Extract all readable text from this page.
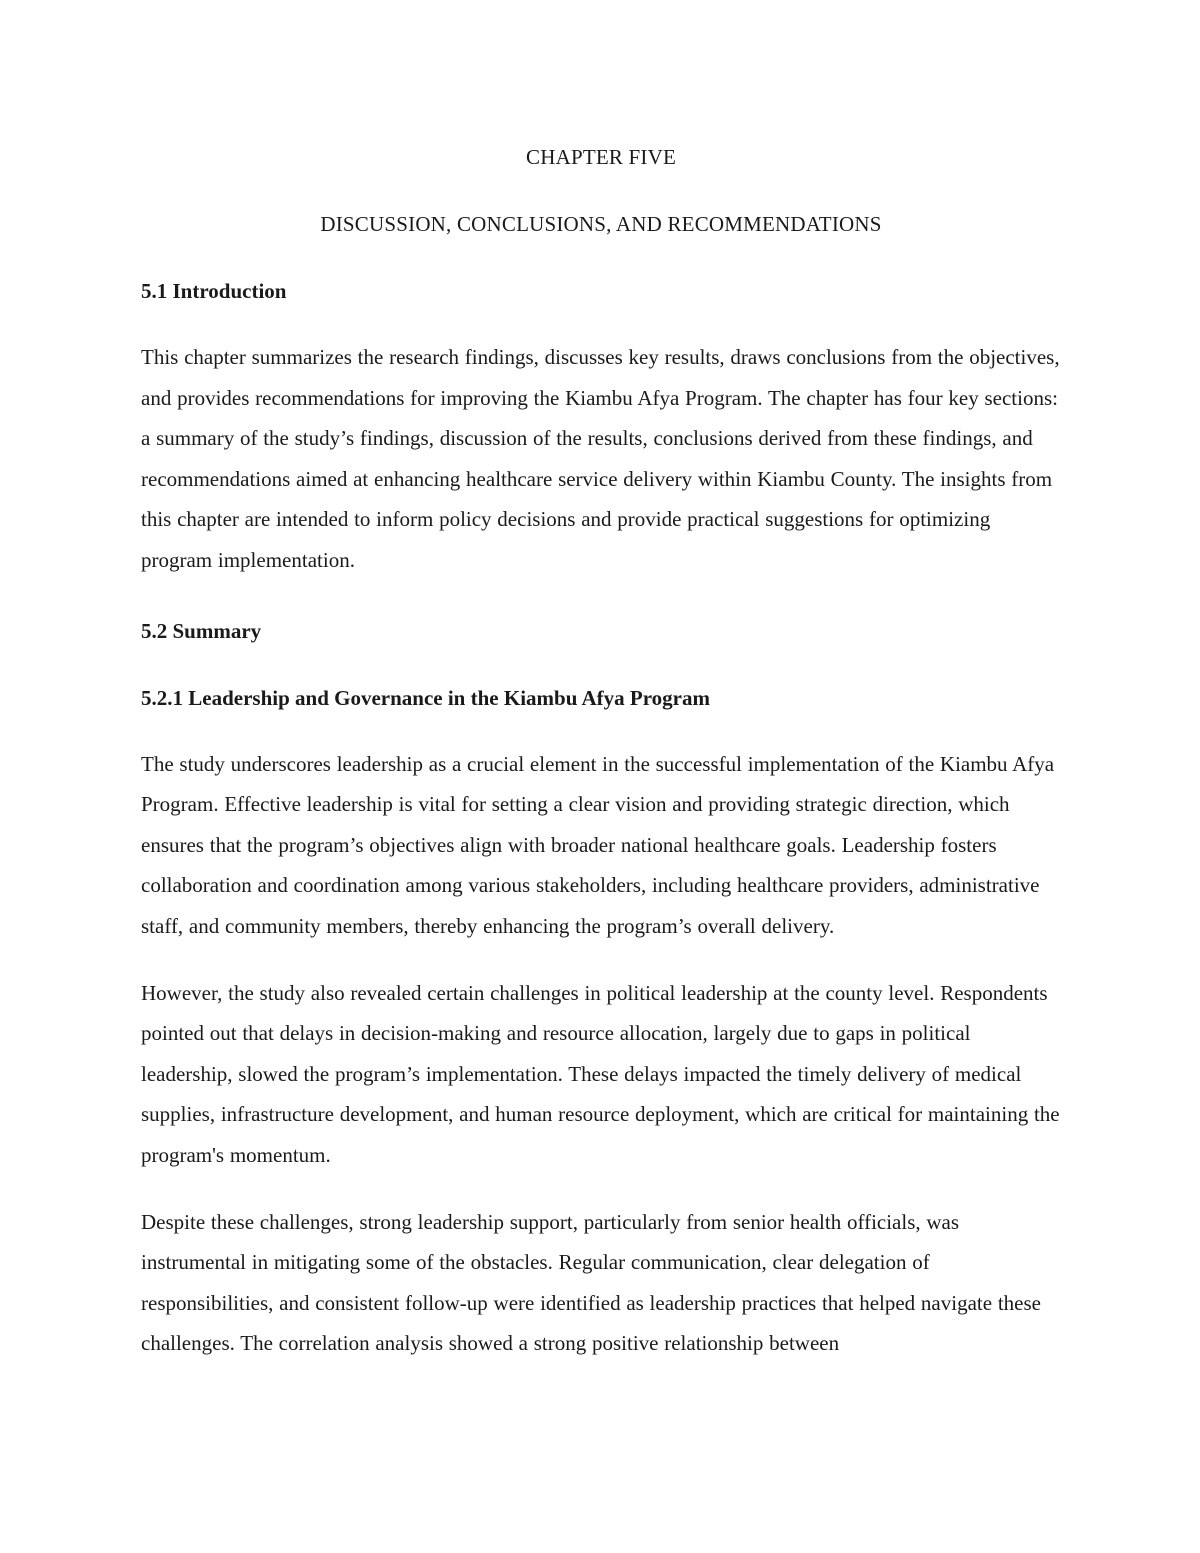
CHAPTER FIVE
DISCUSSION, CONCLUSIONS, AND RECOMMENDATIONS
5.1 Introduction

This chapter summarizes the research findings, discusses key results, draws conclusions from the objectives, and provides recommendations for improving the Kiambu Afya Program. The chapter has four key sections: a summary of the study’s findings, discussion of the results, conclusions derived from these findings, and recommendations aimed at enhancing healthcare service delivery within Kiambu County. The insights from this chapter are intended to inform policy decisions and provide practical suggestions for optimizing program implementation.

5.2 Summary
5.2.1 Leadership and Governance in the Kiambu Afya Program

The study underscores leadership as a crucial element in the successful implementation of the Kiambu Afya Program. Effective leadership is vital for setting a clear vision and providing strategic direction, which ensures that the program’s objectives align with broader national healthcare goals. Leadership fosters collaboration and coordination among various stakeholders, including healthcare providers, administrative staff, and community members, thereby enhancing the program’s overall delivery.

However, the study also revealed certain challenges in political leadership at the county level. Respondents pointed out that delays in decision-making and resource allocation, largely due to gaps in political leadership, slowed the program’s implementation. These delays impacted the timely delivery of medical supplies, infrastructure development, and human resource deployment, which are critical for maintaining the program's momentum.

Despite these challenges, strong leadership support, particularly from senior health officials, was instrumental in mitigating some of the obstacles. Regular communication, clear delegation of responsibilities, and consistent follow-up were identified as leadership practices that helped navigate these challenges. The correlation analysis showed a strong positive relationship between
